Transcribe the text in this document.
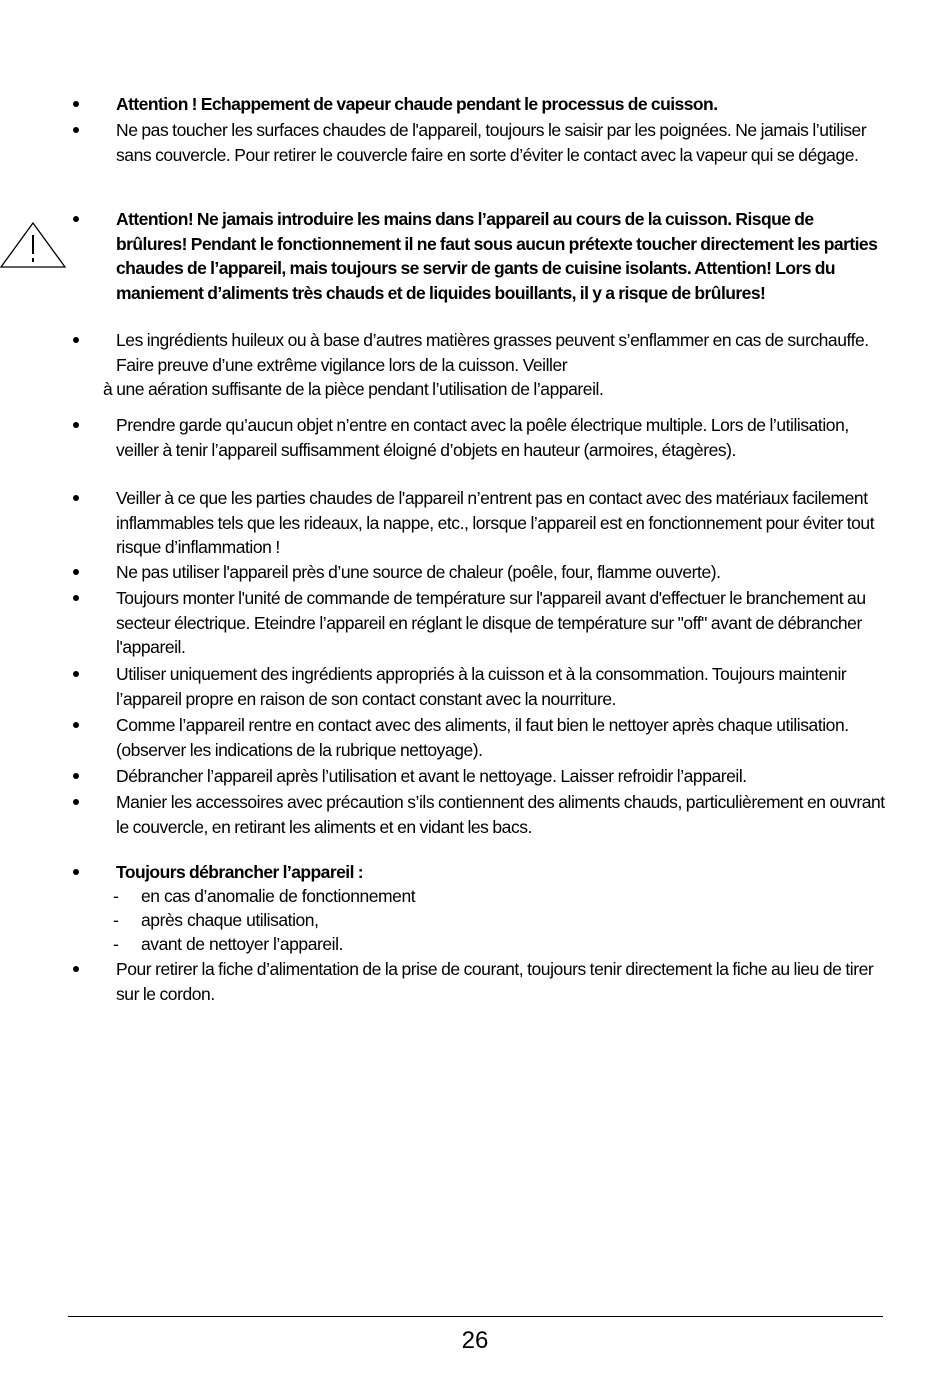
Attention ! Echappement de vapeur chaude pendant le processus de cuisson.
Ne pas toucher les surfaces chaudes de l'appareil, toujours le saisir par les poignées. Ne jamais l’utiliser sans couvercle. Pour retirer le couvercle faire en sorte d’éviter le contact avec la vapeur qui se dégage.
Attention! Ne jamais introduire les mains dans l’appareil au cours de la cuisson. Risque de brûlures! Pendant le fonctionnement il ne faut sous aucun prétexte toucher directement les parties chaudes de l’appareil, mais toujours se servir de gants de cuisine isolants. Attention! Lors du maniement d’aliments très chauds et de liquides bouillants, il y a risque de brûlures!
Les ingrédients huileux ou à base d’autres matières grasses peuvent s’enflammer en cas de surchauffe. Faire preuve d’une extrême vigilance lors de la cuisson. Veiller
à une aération suffisante de la pièce pendant l’utilisation de l’appareil.
Prendre garde qu’aucun objet n’entre en contact avec la poêle électrique multiple. Lors de l’utilisation, veiller à tenir l’appareil suffisamment éloigné d’objets en hauteur (armoires, étagères).
Veiller à ce que les parties chaudes de l'appareil n’entrent pas en contact avec des matériaux facilement inflammables tels que les rideaux, la nappe, etc., lorsque l’appareil est en fonctionnement pour éviter tout risque d’inflammation !
Ne pas utiliser l'appareil près d’une source de chaleur (poêle, four, flamme ouverte).
Toujours monter l'unité de commande de température sur l'appareil avant d'effectuer le branchement au secteur électrique. Eteindre l’appareil en réglant le disque de température sur "off" avant de débrancher l'appareil.
Utiliser uniquement des ingrédients appropriés à la cuisson et à la consommation. Toujours maintenir l’appareil propre en raison de son contact constant avec la nourriture.
Comme l’appareil rentre en contact avec des aliments, il faut bien le nettoyer après chaque utilisation. (observer les indications de la rubrique nettoyage).
Débrancher l’appareil après l’utilisation et avant le nettoyage. Laisser refroidir l’appareil.
Manier les accessoires avec précaution s’ils contiennent des aliments chauds, particulièrement en ouvrant le couvercle, en retirant les aliments et en vidant les bacs.
Toujours débrancher l’appareil :
- en cas d’anomalie de fonctionnement
- après chaque utilisation,
- avant de nettoyer l’appareil.
Pour retirer la fiche d’alimentation de la prise de courant, toujours tenir directement la fiche au lieu de tirer sur le cordon.
26
